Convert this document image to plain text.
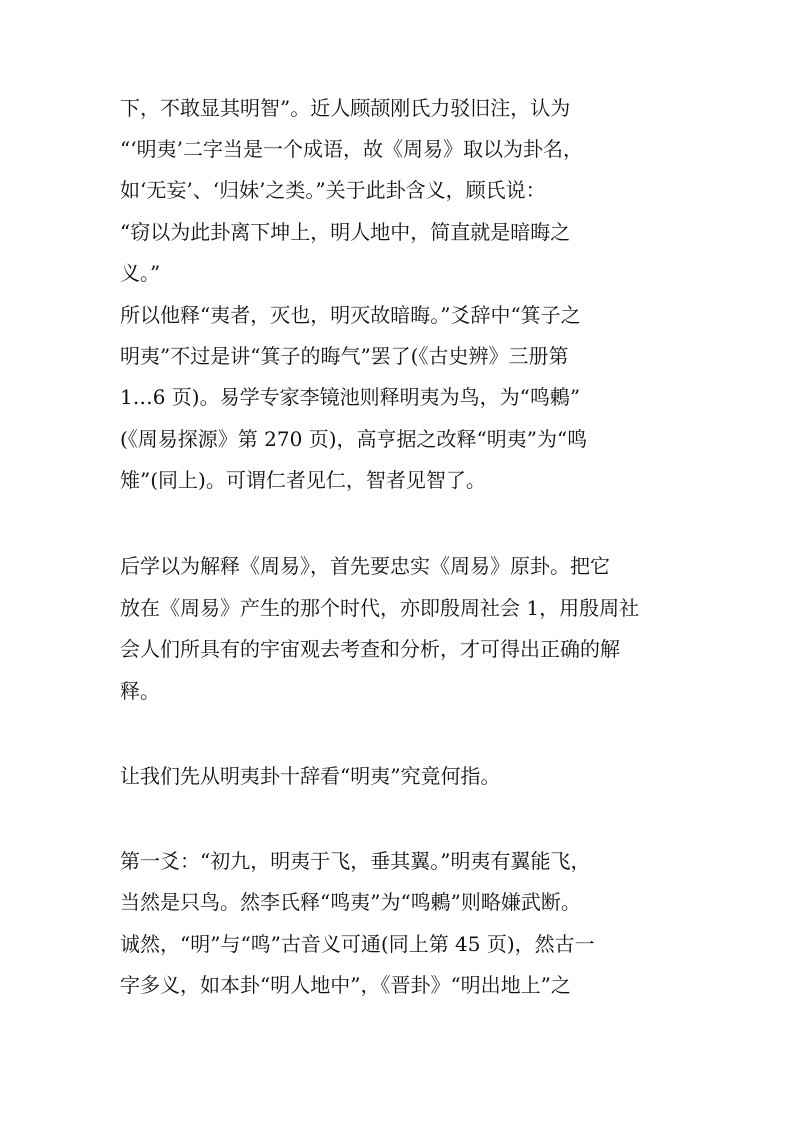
下，不敢显其明智”。近人顾颉刚氏力驳旧注，认为
“‘明夷’二字当是一个成语，故《周易》取以为卦名，
如‘无妄’、‘归妹’之类。”关于此卦含义，顾氏说：
“窃以为此卦离下坤上，明人地中，简直就是暗晦之
义。”
所以他释“夷者，灭也，明灭故暗晦。”爻辞中“箕子之
明夷”不过是讲“箕子的晦气”罢了(《古史辨》三册第
1…6 页)。易学专家李镜池则释明夷为鸟，为“鸣鶇”
(《周易探源》第 270 页)，高亨据之改释“明夷”为“鸣
雉”(同上)。可谓仁者见仁，智者见智了。
后学以为解释《周易》，首先要忠实《周易》原卦。把它
放在《周易》产生的那个时代，亦即殷周社会 1，用殷周社
会人们所具有的宇宙观去考查和分析，才可得出正确的解
释。
让我们先从明夷卦十辞看“明夷”究竟何指。
第一爻：“初九，明夷于飞，垂其翼。”明夷有翼能飞，
当然是只鸟。然李氏释“鸣夷”为“鸣鶇”则略嫌武断。
诚然，“明”与“鸣”古音义可通(同上第 45 页)，然古一
字多义，如本卦“明人地中”，《晋卦》“明出地上”之
